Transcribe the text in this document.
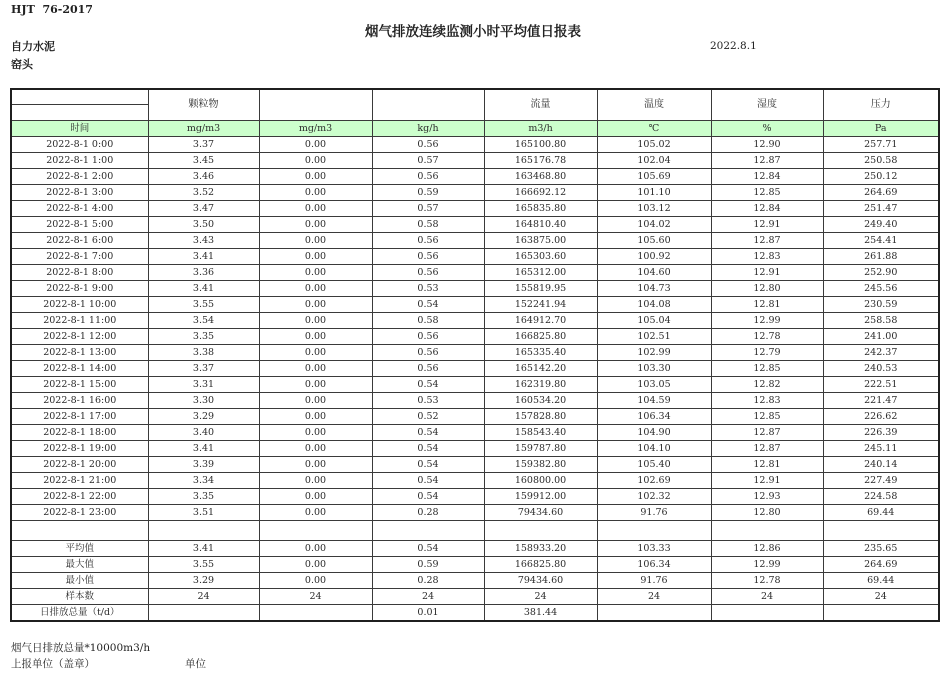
HJT  76-2017
烟气排放连续监测小时平均值日报表
自力水泥
窑头
2022.8.1
	颗粒物			流量	温度	湿度	压力

时间	mg/m3	mg/m3	kg/h	m3/h	℃	%	Pa
2022-8-1 0:00	3.37	0.00	0.56	165100.80	105.02	12.90	257.71
2022-8-1 1:00	3.45	0.00	0.57	165176.78	102.04	12.87	250.58
2022-8-1 2:00	3.46	0.00	0.56	163468.80	105.69	12.84	250.12
2022-8-1 3:00	3.52	0.00	0.59	166692.12	101.10	12.85	264.69
2022-8-1 4:00	3.47	0.00	0.57	165835.80	103.12	12.84	251.47
2022-8-1 5:00	3.50	0.00	0.58	164810.40	104.02	12.91	249.40
2022-8-1 6:00	3.43	0.00	0.56	163875.00	105.60	12.87	254.41
2022-8-1 7:00	3.41	0.00	0.56	165303.60	100.92	12.83	261.88
2022-8-1 8:00	3.36	0.00	0.56	165312.00	104.60	12.91	252.90
2022-8-1 9:00	3.41	0.00	0.53	155819.95	104.73	12.80	245.56
2022-8-1 10:00	3.55	0.00	0.54	152241.94	104.08	12.81	230.59
2022-8-1 11:00	3.54	0.00	0.58	164912.70	105.04	12.99	258.58
2022-8-1 12:00	3.35	0.00	0.56	166825.80	102.51	12.78	241.00
2022-8-1 13:00	3.38	0.00	0.56	165335.40	102.99	12.79	242.37
2022-8-1 14:00	3.37	0.00	0.56	165142.20	103.30	12.85	240.53
2022-8-1 15:00	3.31	0.00	0.54	162319.80	103.05	12.82	222.51
2022-8-1 16:00	3.30	0.00	0.53	160534.20	104.59	12.83	221.47
2022-8-1 17:00	3.29	0.00	0.52	157828.80	106.34	12.85	226.62
2022-8-1 18:00	3.40	0.00	0.54	158543.40	104.90	12.87	226.39
2022-8-1 19:00	3.41	0.00	0.54	159787.80	104.10	12.87	245.11
2022-8-1 20:00	3.39	0.00	0.54	159382.80	105.40	12.81	240.14
2022-8-1 21:00	3.34	0.00	0.54	160800.00	102.69	12.91	227.49
2022-8-1 22:00	3.35	0.00	0.54	159912.00	102.32	12.93	224.58
2022-8-1 23:00	3.51	0.00	0.28	79434.60	91.76	12.80	69.44

平均值	3.41	0.00	0.54	158933.20	103.33	12.86	235.65
最大值	3.55	0.00	0.59	166825.80	106.34	12.99	264.69
最小值	3.29	0.00	0.28	79434.60	91.76	12.78	69.44
样本数	24	24	24	24	24	24	24
日排放总量（t/d）			0.01	381.44			
烟气日排放总量*10000m3/h
上报单位（盖章）	单位
